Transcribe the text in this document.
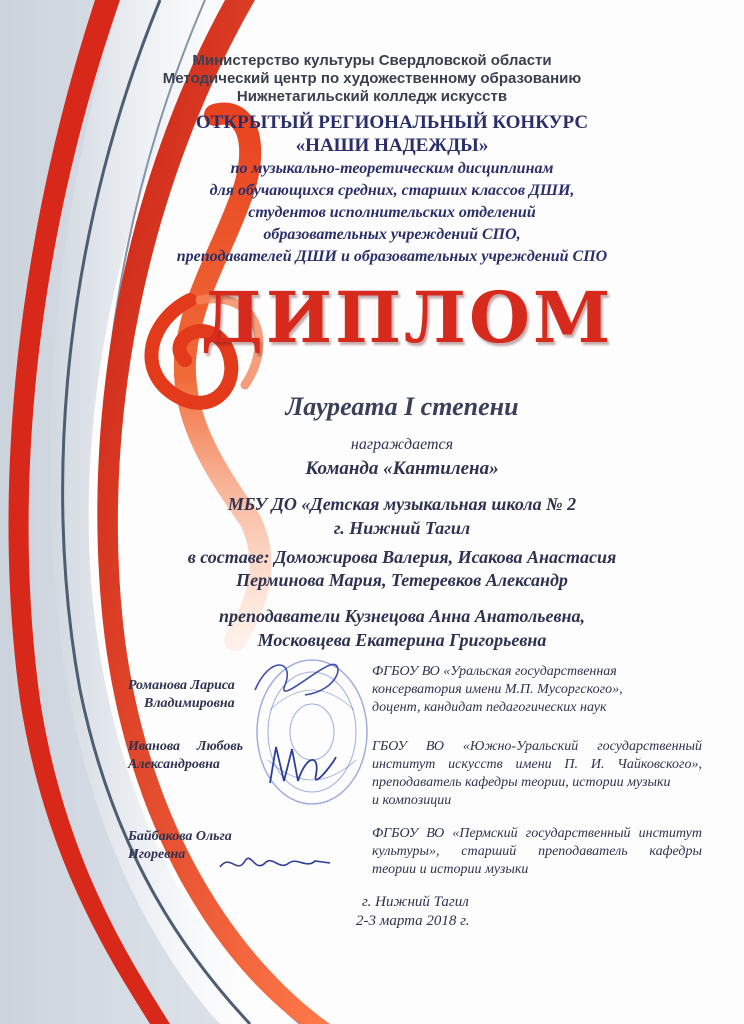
Министерство культуры Свердловской области
Методический центр по художественному образованию
Нижнетагильский колледж искусств
ОТКРЫТЫЙ РЕГИОНАЛЬНЫЙ КОНКУРС
«НАШИ НАДЕЖДЫ»
по музыкально-теоретическим дисциплинам
для обучающихся средних, старших классов ДШИ,
студентов исполнительских отделений
образовательных учреждений СПО,
преподавателей ДШИ и образовательных учреждений СПО
ДИПЛОМ
Лауреата I степени
награждается
Команда «Кантилена»
МБУ ДО «Детская музыкальная школа № 2
г. Нижний Тагил
в составе: Доможирова Валерия, Исакова Анастасия
Перминова Мария, Тетеревков Александр
преподаватели Кузнецова Анна Анатольевна,
Московцева Екатерина Григорьевна
Романова Лариса
Владимировна
ФГБОУ ВО «Уральская государственная
консерватория имени М.П. Мусоргского»,
доцент, кандидат педагогических наук
Иванова Любовь
Александровна
ГБОУ ВО «Южно-Уральский государственный
институт искусств имени П. И. Чайковского»,
преподаватель кафедры теории, истории музыки
и композиции
Байбакова Ольга
Игоревна
ФГБОУ ВО «Пермский государственный институт
культуры», старший преподаватель кафедры
теории и истории музыки
г. Нижний Тагил
2-3 марта 2018 г.
